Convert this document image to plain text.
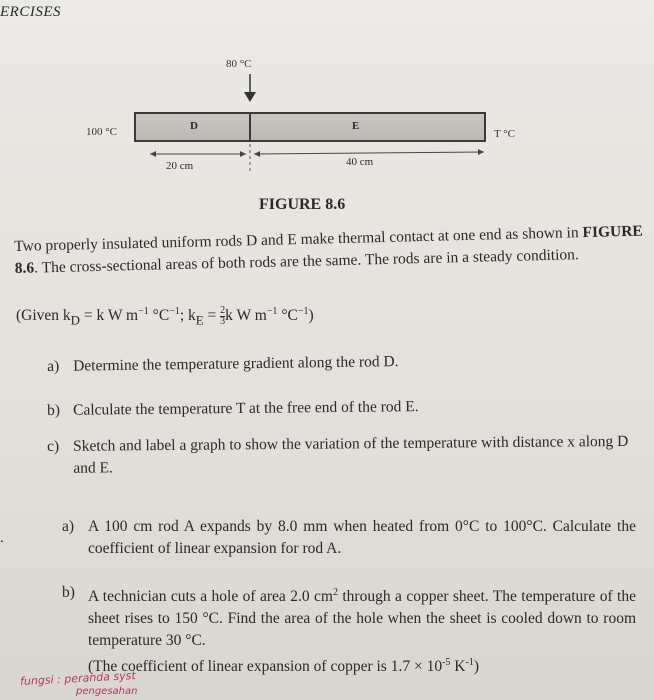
ERCISES
80 °C
100 °C	D	E
T °C
20 cm	40 cm
FIGURE 8.6
Two properly insulated uniform rods D and E make thermal contact at one end as shown in FIGURE 8.6. The cross-sectional areas of both rods are the same. The rods are in a steady condition.
(Given $k_D = k$ W $m^{-1}$ $^\circ C^{-1}$; $k_E = \frac{2}{3}$ k W $m^{-1}$ $^\circ C^{-1}$)
a) Determine the temperature gradient along the rod D.
b) Calculate the temperature T at the free end of the rod E.
c) Sketch and label a graph to show the variation of the temperature with distance x along D and E.
.
a) A 100 cm rod A expands by 8.0 mm when heated from 0°C to 100°C. Calculate the coefficient of linear expansion for rod A.
b) A technician cuts a hole of area 2.0 $cm^2$ through a copper sheet. The temperature of the sheet rises to 150 °C. Find the area of the hole when the sheet is cooled down to room temperature 30 °C.
(The coefficient of linear expansion of copper is $1.7 \times 10^{-5}$ $K^{-1}$)
fungsi : peranda syst
pengesahan
